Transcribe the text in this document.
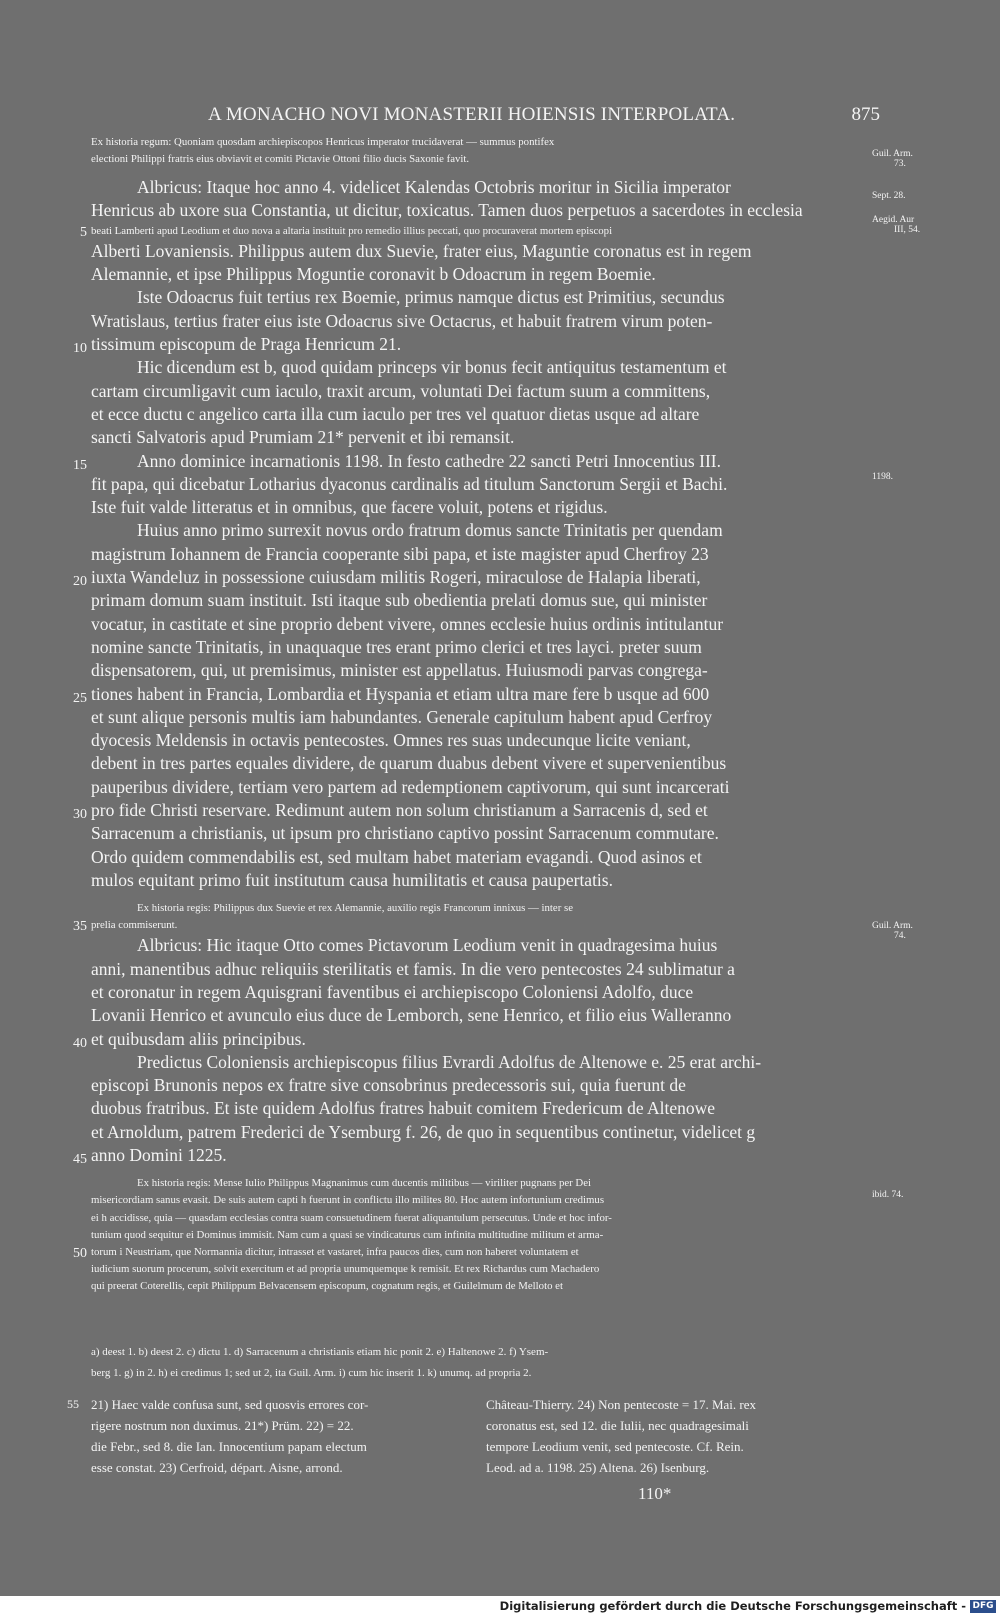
A MONACHO NOVI MONASTERII HOIENSIS INTERPOLATA.	875
Ex historia regum: Quoniam quosdam archiepiscopos Henricus imperator trucidaverat — summus pontifex
electioni Philippi fratris eius obviavit et comiti Pictavie Ottoni filio ducis Saxonie favit.
Albricus: Itaque hoc anno 4. videlicet Kalendas Octobris moritur in Sicilia imperator
Henricus ab uxore sua Constantia, ut dicitur, toxicatus. Tamen duos perpetuos a sacerdotes in ecclesia
5 beati Lamberti apud Leodium et duo nova a altaria instituit pro remedio illius peccati, quo procuraverat mortem episcopi
Alberti Lovaniensis. Philippus autem dux Suevie, frater eius, Maguntie coronatus est in regem
Alemannie, et ipse Philippus Moguntie coronavit b Odoacrum in regem Boemie.
Iste Odoacrus fuit tertius rex Boemie, primus namque dictus est Primitius, secundus
Wratislaus, tertius frater eius iste Odoacrus sive Octacrus, et habuit fratrem virum poten-
10 tissimum episcopum de Praga Henricum 21.
Hic dicendum est b, quod quidam princeps vir bonus fecit antiquitus testamentum et
cartam circumligavit cum iaculo, traxit arcum, voluntati Dei factum suum a committens,
et ecce ductu c angelico carta illa cum iaculo per tres vel quatuor dietas usque ad altare
sancti Salvatoris apud Prumiam 21* pervenit et ibi remansit.
15	Anno dominice incarnationis 1198. In festo cathedre 22 sancti Petri Innocentius III.
fit papa, qui dicebatur Lotharius dyaconus cardinalis ad titulum Sanctorum Sergii et Bachi.
Iste fuit valde litteratus et in omnibus, que facere voluit, potens et rigidus.
Huius anno primo surrexit novus ordo fratrum domus sancte Trinitatis per quendam
magistrum Iohannem de Francia cooperante sibi papa, et iste magister apud Cherfroy 23
20 iuxta Wandeluz in possessione cuiusdam militis Rogeri, miraculose de Halapia liberati,
primam domum suam instituit. Isti itaque sub obedientia prelati domus sue, qui minister
vocatur, in castitate et sine proprio debent vivere, omnes ecclesie huius ordinis intitulantur
nomine sancte Trinitatis, in unaquaque tres erant primo clerici et tres layci. preter suum
dispensatorem, qui, ut premisimus, minister est appellatus. Huiusmodi parvas congrega-
25 tiones habent in Francia, Lombardia et Hyspania et etiam ultra mare fere b usque ad 600
et sunt alique personis multis iam habundantes. Generale capitulum habent apud Cerfroy
dyocesis Meldensis in octavis pentecostes. Omnes res suas undecunque licite veniant,
debent in tres partes equales dividere, de quarum duabus debent vivere et supervenientibus
pauperibus dividere, tertiam vero partem ad redemptionem captivorum, qui sunt incarcerati
30 pro fide Christi reservare. Redimunt autem non solum christianum a Sarracenis d, sed et
Sarracenum a christianis, ut ipsum pro christiano captivo possint Sarracenum commutare.
Ordo quidem commendabilis est, sed multam habet materiam evagandi. Quod asinos et
mulos equitant primo fuit institutum causa humilitatis et causa paupertatis.
Ex historia regis: Philippus dux Suevie et rex Alemannie, auxilio regis Francorum innixus — inter se
35 prelia commiserunt.
Albricus: Hic itaque Otto comes Pictavorum Leodium venit in quadragesima huius
anni, manentibus adhuc reliquiis sterilitatis et famis. In die vero pentecostes 24 sublimatur a
et coronatur in regem Aquisgrani faventibus ei archiepiscopo Coloniensi Adolfo, duce
Lovanii Henrico et avunculo eius duce de Lemborch, sene Henrico, et filio eius Walleranno
40 et quibusdam aliis principibus.
Predictus Coloniensis archiepiscopus filius Evrardi Adolfus de Altenowe e. 25 erat archi-
episcopi Brunonis nepos ex fratre sive consobrinus predecessoris sui, quia fuerunt de
duobus fratribus. Et iste quidem Adolfus fratres habuit comitem Fredericum de Altenowe
et Arnoldum, patrem Frederici de Ysemburg f. 26, de quo in sequentibus continetur, videlicet g
45 anno Domini 1225.
Ex historia regis: Mense Iulio Philippus Magnanimus cum ducentis militibus — viriliter pugnans per Dei
misericordiam sanus evasit. De suis autem capti h fuerunt in conflictu illo milites 80. Hoc autem infortunium credimus
ei h accidisse, quia — quasdam ecclesias contra suam consuetudinem fuerat aliquantulum persecutus. Unde et hoc infor-
tunium quod sequitur ei Dominus immisit. Nam cum a quasi se vindicaturus cum infinita multitudine militum et arma-
50 torum i Neustriam, que Normannia dicitur, intrasset et vastaret, infra paucos dies, cum non haberet voluntatem et
iudicium suorum procerum, solvit exercitum et ad propria unumquemque k remisit. Et rex Richardus cum Machadero
qui preerat Coterellis, cepit Philippum Belvacensem episcopum, cognatum regis, et Guilelmum de Melloto et
Guil. Arm.
73.
Sept. 28.
Aegid. Aur
III, 54.
1198.
Guil. Arm.
74.
ibid. 74.
a) deest 1. b) deest 2. c) dictu 1. d) Sarracenum a christianis etiam hic ponit 2. e) Haltenowe 2. f) Ysem-
berg 1. g) in 2. h) ei credimus 1; sed ut 2, ita Guil. Arm. i) cum hic inserit 1. k) unumq. ad propria 2.
55 21) Haec valde confusa sunt, sed quosvis errores cor-
rigere nostrum non duximus. 21*) Prüm. 22) = 22.
die Febr., sed 8. die Ian. Innocentium papam electum
esse constat. 23) Cerfroid, départ. Aisne, arrond.
Château-Thierry. 24) Non pentecoste = 17. Mai. rex
coronatus est, sed 12. die Iulii, nec quadragesimali
tempore Leodium venit, sed pentecoste. Cf. Rein.
Leod. ad a. 1198. 25) Altena. 26) Isenburg.
110*
Digitalisierung gefördert durch die Deutsche Forschungsgemeinschaft - DFG
